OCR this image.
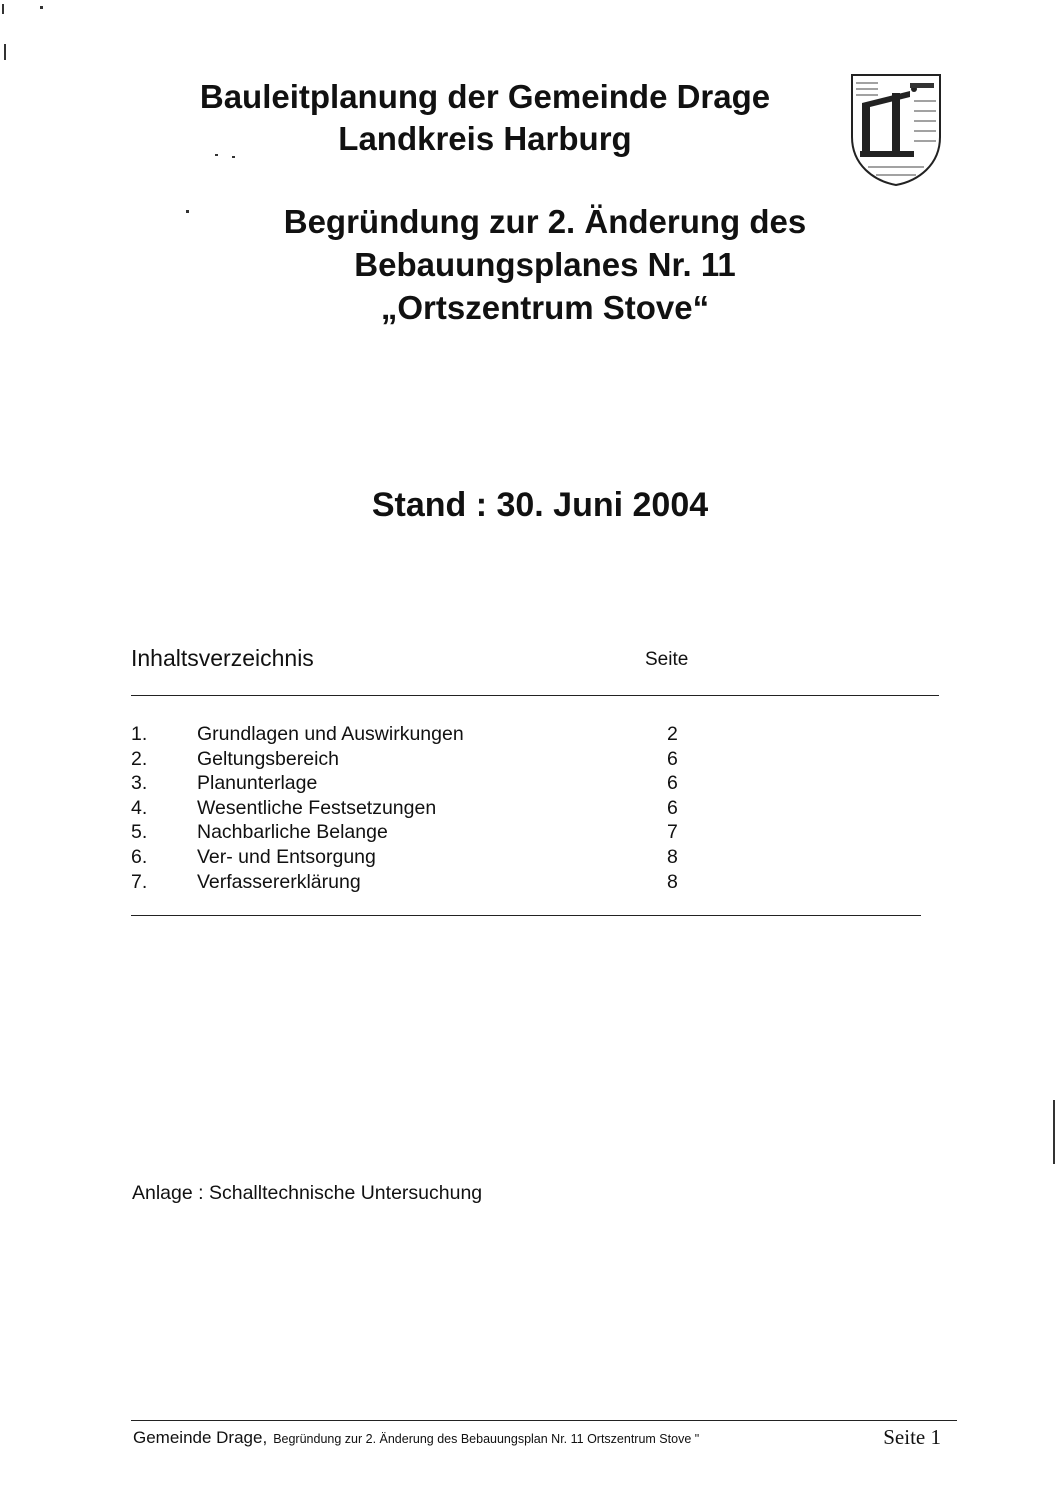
Bauleitplanung der Gemeinde Drage
Landkreis Harburg
Begründung zur 2. Änderung des
Bebauungsplanes Nr. 11
„Ortszentrum Stove“
Stand : 30. Juni 2004
Inhaltsverzeichnis	Seite
1.	Grundlagen und Auswirkungen	2
2.	Geltungsbereich	6
3.	Planunterlage	6
4.	Wesentliche Festsetzungen	6
5.	Nachbarliche Belange	7
6.	Ver- und Entsorgung	8
7.	Verfassererklärung	8
Anlage : Schalltechnische Untersuchung
Gemeinde Drage, Begründung zur 2. Änderung des Bebauungsplan Nr. 11 Ortszentrum Stove "	Seite 1
